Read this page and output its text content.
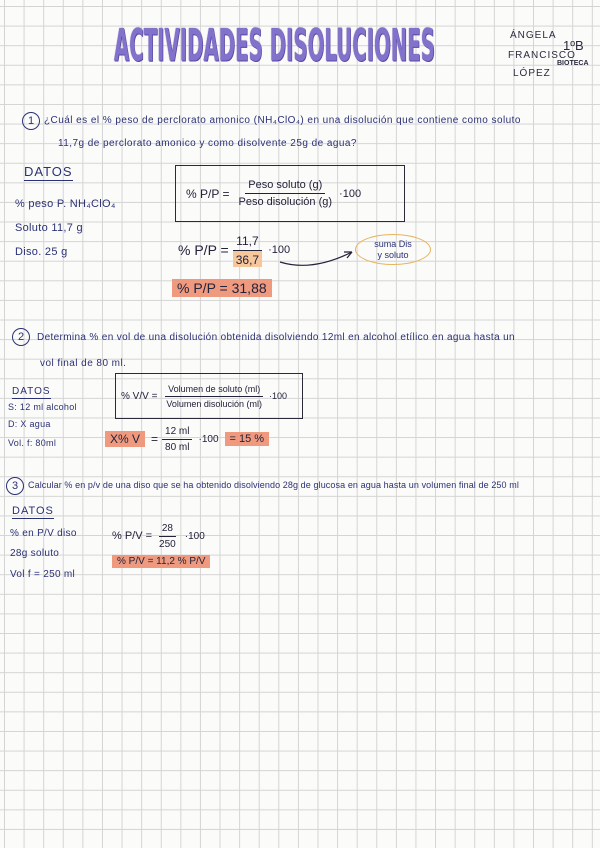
ACTIVIDADES DISOLUCIONES	ÁNGELA
FRANCISCO
LÓPEZ
1ºB
BIOTECA
1 ¿Cuál es el % peso de perclorato amonico (NH₄ClO₄) en una disolución que contiene como soluto
11,7g de perclorato amonico y como disolvente 25g de agua?
DATOS
% peso P. NH₄ClO₄
Soluto 11,7 g
Diso. 25 g
% $P/P = \frac{\text{Peso soluto (g)}}{\text{Peso disolución (g)}} \cdot 100$
% $P/P = \frac{11,7}{36,7} \cdot 100$
suma Dis
y soluto
% P/P = 31,88
2	Determina % en vol de una disolución obtenida disolviendo 12ml en alcohol etílico en agua hasta un
vol final de 80 ml.
DATOS
S: 12 ml alcohol
D: X agua
Vol. f: 80ml
% $V/V = \frac{\text{Volumen de soluto (ml)}}{\text{Volumen disolución (ml)}} \cdot 100$
X% $V = \frac{12 ml}{80 ml} \cdot 100$	= 15 %
3	Calcular % en p/v de una diso que se ha obtenido disolviendo 28g de glucosa en agua hasta un volumen final de 250 ml
DATOS
% en P/V diso
28g soluto
Vol f = 250 ml
% $P/V = \frac{28}{250} \cdot 100$
% P/V = 11,2 % P/V
